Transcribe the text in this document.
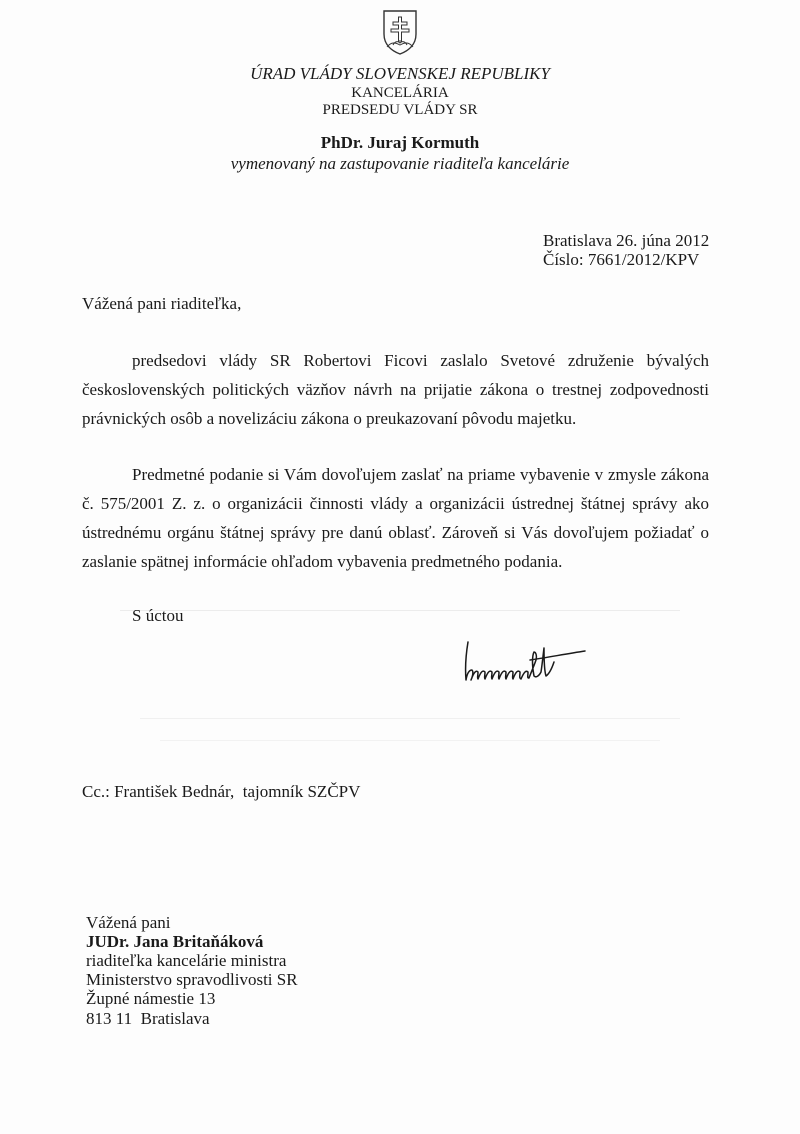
ÚRAD VLÁDY SLOVENSKEJ REPUBLIKY
KANCELÁRIA
PREDSEDU VLÁDY SR
PhDr. Juraj Kormuth
vymenovaný na zastupovanie riaditeľa kancelárie
Bratislava 26. júna 2012
Číslo: 7661/2012/KPV
Vážená pani riaditeľka,

predsedovi vlády SR Robertovi Ficovi zaslalo Svetové združenie bývalých československých politických väzňov návrh na prijatie zákona o trestnej zodpovednosti právnických osôb a novelizáciu zákona o preukazovaní pôvodu majetku.

Predmetné podanie si Vám dovoľujem zaslať na priame vybavenie v zmysle zákona č. 575/2001 Z. z. o organizácii činnosti vlády a organizácii ústrednej štátnej správy ako ústrednému orgánu štátnej správy pre danú oblasť. Zároveň si Vás dovoľujem požiadať o zaslanie spätnej informácie ohľadom vybavenia predmetného podania.

S úctou
Cc.: František Bednár,  tajomník SZČPV
Vážená pani
JUDr. Jana Britaňáková
riaditeľka kancelárie ministra
Ministerstvo spravodlivosti SR
Župné námestie 13
813 11  Bratislava
